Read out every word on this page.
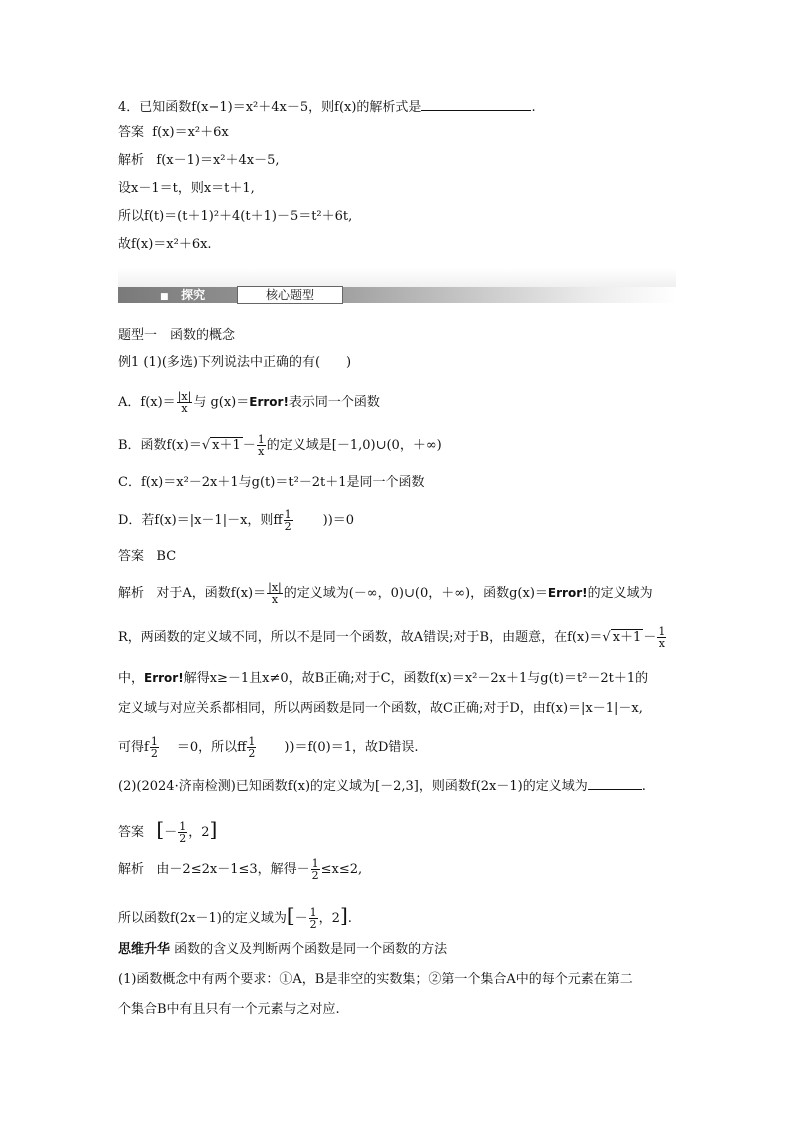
4．已知函数f(x−1)＝x²＋4x－5，则f(x)的解析式是	.
答案 f(x)＝x²＋6x
解析 f(x－1)＝x²＋4x－5,
设x－1＝t，则x＝t＋1,
所以f(t)＝(t＋1)²＋4(t＋1)－5＝t²＋6t,
故f(x)＝x²＋6x.
■ 探究	核心题型
题型一　函数的概念
例1 (1)(多选)下列说法中正确的有(　　)
A．$f(x)= \frac{|x|}{x}$ 与 g(x)＝Error!表示同一个函数
B．函数f(x)＝√ $x+1 - \frac{1}{x}$ 的定义域是[－1,0)∪(0，＋∞)
C．f(x)＝x²－2x＋1与g(t)＝t²－2t＋1是同一个函数
D．若f(x)＝|x－1|－x，则f $\frac{1}{2} ))=0$
答案 BC
解析 对于A，函数$f(x)= \frac{|x|}{x}$ 的定义域为(－∞，0)∪(0，＋∞)，函数g(x)＝Error!的定义域为
R，两函数的定义域不同，所以不是同一个函数，故A错误;对于B，由题意，在f(x)＝√ $x+1 - \frac{1}{x}$
中，Error!解得x≥－1且x≠0，故B正确;对于C，函数f(x)＝x²－2x＋1与g(t)＝t²－2t＋1的
定义域与对应关系都相同，所以两函数是同一个函数，故C正确;对于D，由f(x)＝|x－1|－x,
可得f $\frac{1}{2} =0$，所以f $\frac{1}{2} ))=f(0)=1$，故D错误.
(2)(2024·济南检测)已知函数f(x)的定义域为[－2,3]，则函数f(2x－1)的定义域为	.
答案 [－ $\frac{1}{2}$ ，2]
解析 由－2≤2x－1≤3，解得－ $\frac{1}{2} \le x\le 2$,
所以函数f(2x－1)的定义域为[－ $\frac{1}{2}$ ，2].
思维升华 函数的含义及判断两个函数是同一个函数的方法
(1)函数概念中有两个要求：①A，B是非空的实数集；②第一个集合A中的每个元素在第二
个集合B中有且只有一个元素与之对应.
